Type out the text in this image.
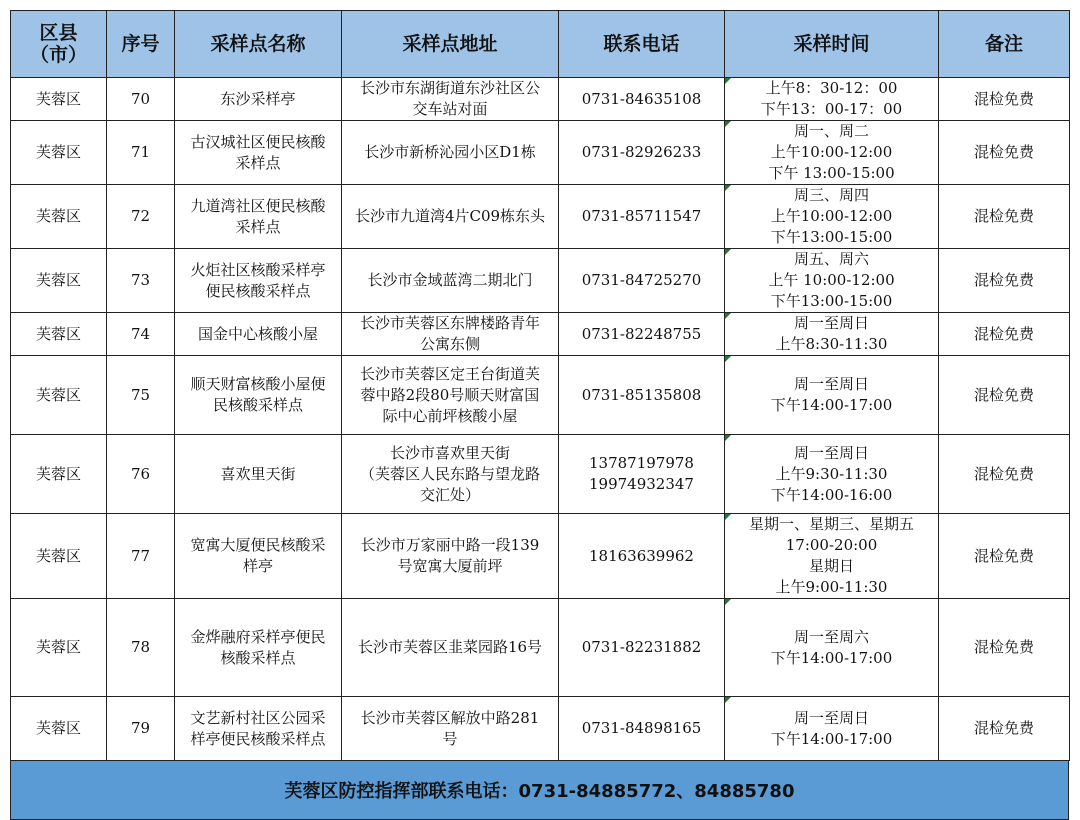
区县
（市）	序号	采样点名称	采样点地址	联系电话	采样时间	备注
芙蓉区	70	东沙采样亭	长沙市东湖街道东沙社区公
交车站对面	0731-84635108	上午8：30-12：00
下午13：00-17：00	混检免费
芙蓉区	71	古汉城社区便民核酸
采样点	长沙市新桥沁园小区D1栋	0731-82926233	周一、周二
上午10:00-12:00
下午 13:00-15:00	混检免费
芙蓉区	72	九道湾社区便民核酸
采样点	长沙市九道湾4片C09栋东头	0731-85711547	周三、周四
上午10:00-12:00
下午13:00-15:00	混检免费
芙蓉区	73	火炬社区核酸采样亭
便民核酸采样点	长沙市金域蓝湾二期北门	0731-84725270	周五、周六
上午 10:00-12:00
下午13:00-15:00	混检免费
芙蓉区	74	国金中心核酸小屋	长沙市芙蓉区东牌楼路青年
公寓东侧	0731-82248755	周一至周日
上午8:30-11:30	混检免费
芙蓉区	75	顺天财富核酸小屋便
民核酸采样点	长沙市芙蓉区定王台街道芙
蓉中路2段80号顺天财富国
际中心前坪核酸小屋	0731-85135808	周一至周日
下午14:00-17:00	混检免费
芙蓉区	76	喜欢里天街	长沙市喜欢里天街
（芙蓉区人民东路与望龙路
交汇处）	13787197978
19974932347	周一至周日
上午9:30-11:30
下午14:00-16:00	混检免费
芙蓉区	77	宽寓大厦便民核酸采
样亭	长沙市万家丽中路一段139
号宽寓大厦前坪	18163639962	星期一、星期三、星期五
17:00-20:00
星期日
上午9:00-11:30	混检免费
芙蓉区	78	金烨融府采样亭便民
核酸采样点	长沙市芙蓉区韭菜园路16号	0731-82231882	周一至周六
下午14:00-17:00	混检免费
芙蓉区	79	文艺新村社区公园采
样亭便民核酸采样点	长沙市芙蓉区解放中路281
号	0731-84898165	周一至周日
下午14:00-17:00	混检免费
芙蓉区防控指挥部联系电话：0731-84885772、84885780
